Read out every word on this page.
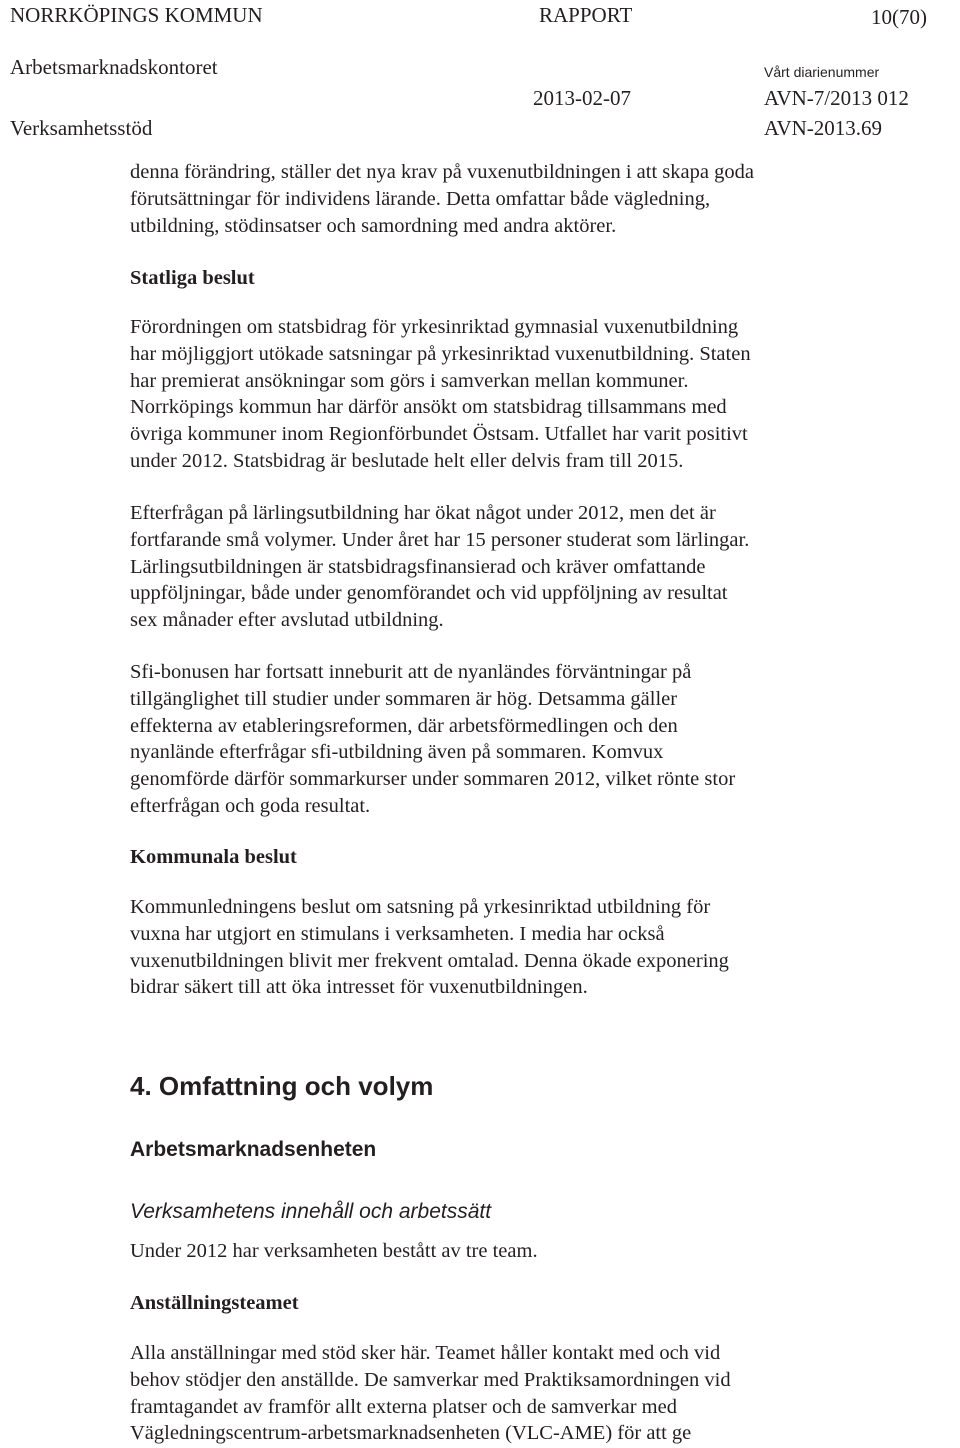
NORRKÖPINGS KOMMUN	RAPPORT	10(70)
Arbetsmarknadskontoret	Vårt diarienummer
2013-02-07	AVN-7/2013 012
Verksamhetsstöd	AVN-2013.69
denna förändring, ställer det nya krav på vuxenutbildningen i att skapa goda
förutsättningar för individens lärande. Detta omfattar både vägledning,
utbildning, stödinsatser och samordning med andra aktörer.
Statliga beslut
Förordningen om statsbidrag för yrkesinriktad gymnasial vuxenutbildning
har möjliggjort utökade satsningar på yrkesinriktad vuxenutbildning. Staten
har premierat ansökningar som görs i samverkan mellan kommuner.
Norrköpings kommun har därför ansökt om statsbidrag tillsammans med
övriga kommuner inom Regionförbundet Östsam. Utfallet har varit positivt
under 2012. Statsbidrag är beslutade helt eller delvis fram till 2015.
Efterfrågan på lärlingsutbildning har ökat något under 2012, men det är
fortfarande små volymer. Under året har 15 personer studerat som lärlingar.
Lärlingsutbildningen är statsbidragsfinansierad och kräver omfattande
uppföljningar, både under genomförandet och vid uppföljning av resultat
sex månader efter avslutad utbildning.
Sfi-bonusen har fortsatt inneburit att de nyanländes förväntningar på
tillgänglighet till studier under sommaren är hög. Detsamma gäller
effekterna av etableringsreformen, där arbetsförmedlingen och den
nyanlände efterfrågar sfi-utbildning även på sommaren. Komvux
genomförde därför sommarkurser under sommaren 2012, vilket rönte stor
efterfrågan och goda resultat.
Kommunala beslut
Kommunledningens beslut om satsning på yrkesinriktad utbildning för
vuxna har utgjort en stimulans i verksamheten. I media har också
vuxenutbildningen blivit mer frekvent omtalad. Denna ökade exponering
bidrar säkert till att öka intresset för vuxenutbildningen.
4. Omfattning och volym
Arbetsmarknadsenheten
Verksamhetens innehåll och arbetssätt
Under 2012 har verksamheten bestått av tre team.
Anställningsteamet
Alla anställningar med stöd sker här. Teamet håller kontakt med och vid
behov stödjer den anställde. De samverkar med Praktiksamordningen vid
framtagandet av framför allt externa platser och de samverkar med
Vägledningscentrum-arbetsmarknadsenheten (VLC-AME) för att ge
